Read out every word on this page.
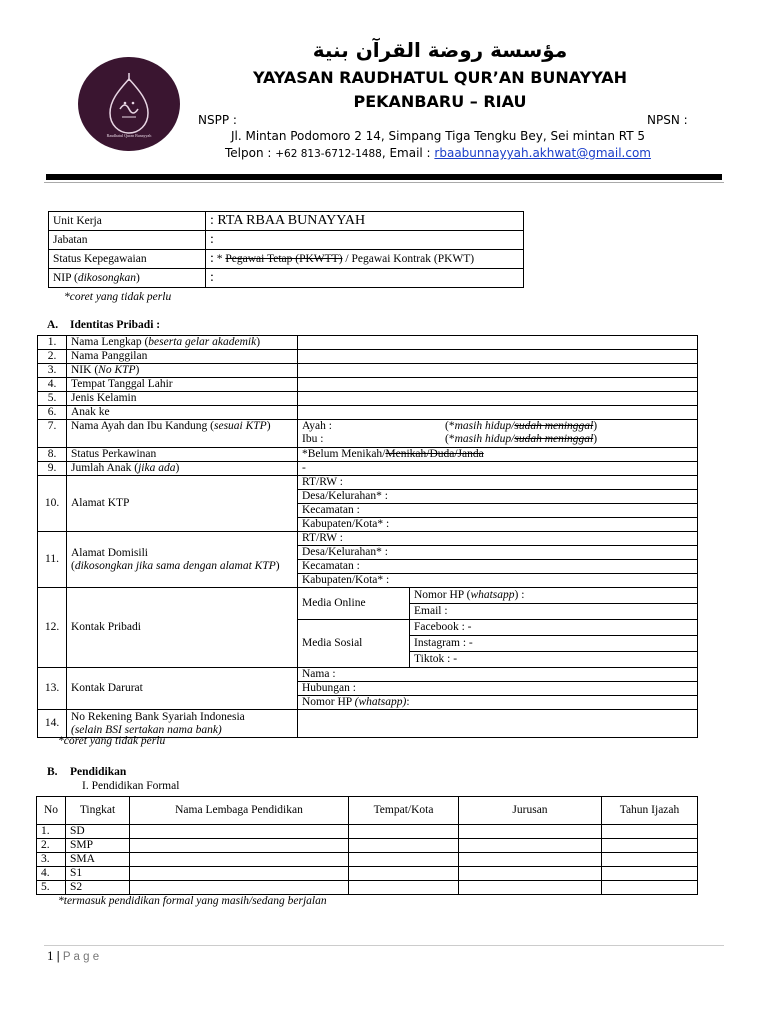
Raudhatul Quran Bunayyah
مؤسسة روضة القرآن بنية
YAYASAN RAUDHATUL QUR’AN BUNAYYAH
PEKANBARU – RIAU
NSPP :	NPSN :
Jl. Mintan Podomoro 2 14, Simpang Tiga Tengku Bey, Sei mintan RT 5
Telpon : +62 813-6712-1488, Email : rbaabunnayyah.akhwat@gmail.com
Unit Kerja	: RTA RBAA BUNAYYAH
Jabatan	:
Status Kepegawaian	: * Pegawai Tetap (PKWTT) / Pegawai Kontrak (PKWT)
NIP (dikosongkan)	:
*coret yang tidak perlu
A. Identitas Pribadi :
1.	Nama Lengkap (beserta gelar akademik)		
2.	Nama Panggilan		
3.	NIK (No KTP)		
4.	Tempat Tanggal Lahir		
5.	Jenis Kelamin		
6.	Anak ke		
7.	Nama Ayah dan Ibu Kandung (sesuai KTP)	Ayah : (*masih hidup/sudah meninggal)
Ibu : (*masih hidup/sudah meninggal)	

8.	Status Perkawinan	*Belum Menikah/Menikah/Duda/Janda	
9.	Jumlah Anak (jika ada)	-	
10.	Alamat KTP	RT/RW :	
		Desa/Kelurahan* :	
		Kecamatan :	
		Kabupaten/Kota* :	
11.	Alamat Domisili
(dikosongkan jika sama dengan alamat KTP)	RT/RW :	
		Desa/Kelurahan* :	
		Kecamatan :	
		Kabupaten/Kota* :	
12.	Kontak Pribadi	Media Online	Nomor HP (whatsapp) :
			Email :
		Media Sosial	Facebook : -
			Instagram : -
			Tiktok : -
13.	Kontak Darurat	Nama :	
		Hubungan :	
		Nomor HP (whatsapp):	
14.	No Rekening Bank Syariah Indonesia
(selain BSI sertakan nama bank)		

*coret yang tidak perlu
B. Pendidikan
I. Pendidikan Formal
No	Tingkat	Nama Lembaga Pendidikan	Tempat/Kota	Jurusan	Tahun Ijazah
1.	SD				
2.	SMP				
3.	SMA				
4.	S1				
5.	S2				
*termasuk pendidikan formal yang masih/sedang berjalan
1 | P a g e
